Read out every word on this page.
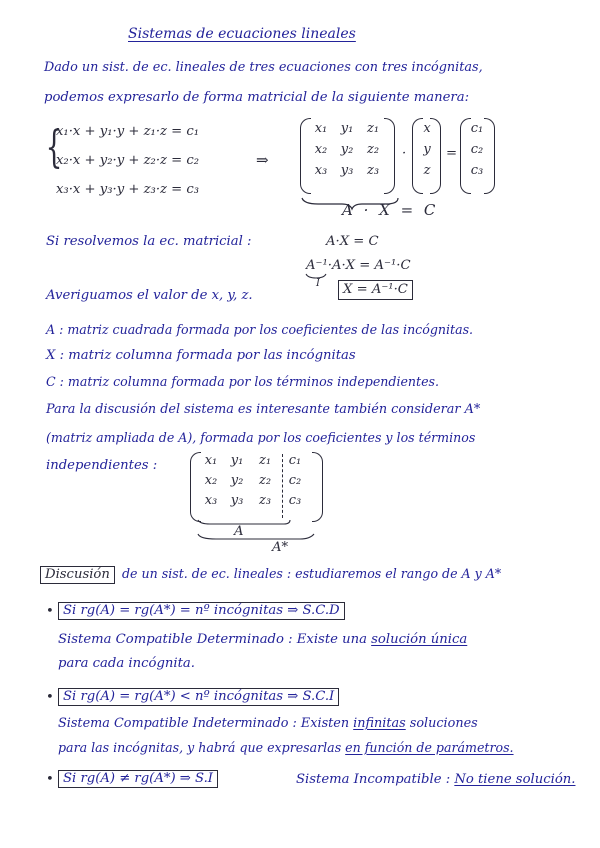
Sistemas de ecuaciones lineales
Dado un sist. de ec. lineales de tres ecuaciones con tres incógnitas,
podemos expresarlo de forma matricial de la siguiente manera:
{
x₁·x + y₁·y + z₁·z = c₁
x₂·x + y₂·y + z₂·z = c₂
x₃·x + y₃·y + z₃·z = c₃
⇒
x₁	y₁	z₁
x₂	y₂	z₂
x₃	y₃	z₃
·
x
y
z
=
c₁
c₂
c₃
A · X = C
Si resolvemos la ec. matricial :	A·X = C
A⁻¹·A·X = A⁻¹·C
I
Averiguamos el valor de x, y, z.	X = A⁻¹·C
A : matriz cuadrada formada por los coeficientes de las incógnitas.
X : matriz columna formada por las incógnitas
C : matriz columna formada por los términos independientes.
Para la discusión del sistema es interesante también considerar A*
(matriz ampliada de A), formada por los coeficientes y los términos
independientes :	x₁	y₁	z₁	c₁
x₂	y₂	z₂	c₂
x₃	y₃	z₃	c₃
A
A*
Discusión de un sist. de ec. lineales : estudiaremos el rango de A y A*
• Si rg(A) = rg(A*) = nº incógnitas ⇒ S.C.D
Sistema Compatible Determinado : Existe una solución única
para cada incógnita.
• Si rg(A) = rg(A*) < nº incógnitas ⇒ S.C.I
Sistema Compatible Indeterminado : Existen infinitas soluciones
para las incógnitas, y habrá que expresarlas en función de parámetros.
• Si rg(A) ≠ rg(A*) ⇒ S.I	Sistema Incompatible : No tiene solución.
